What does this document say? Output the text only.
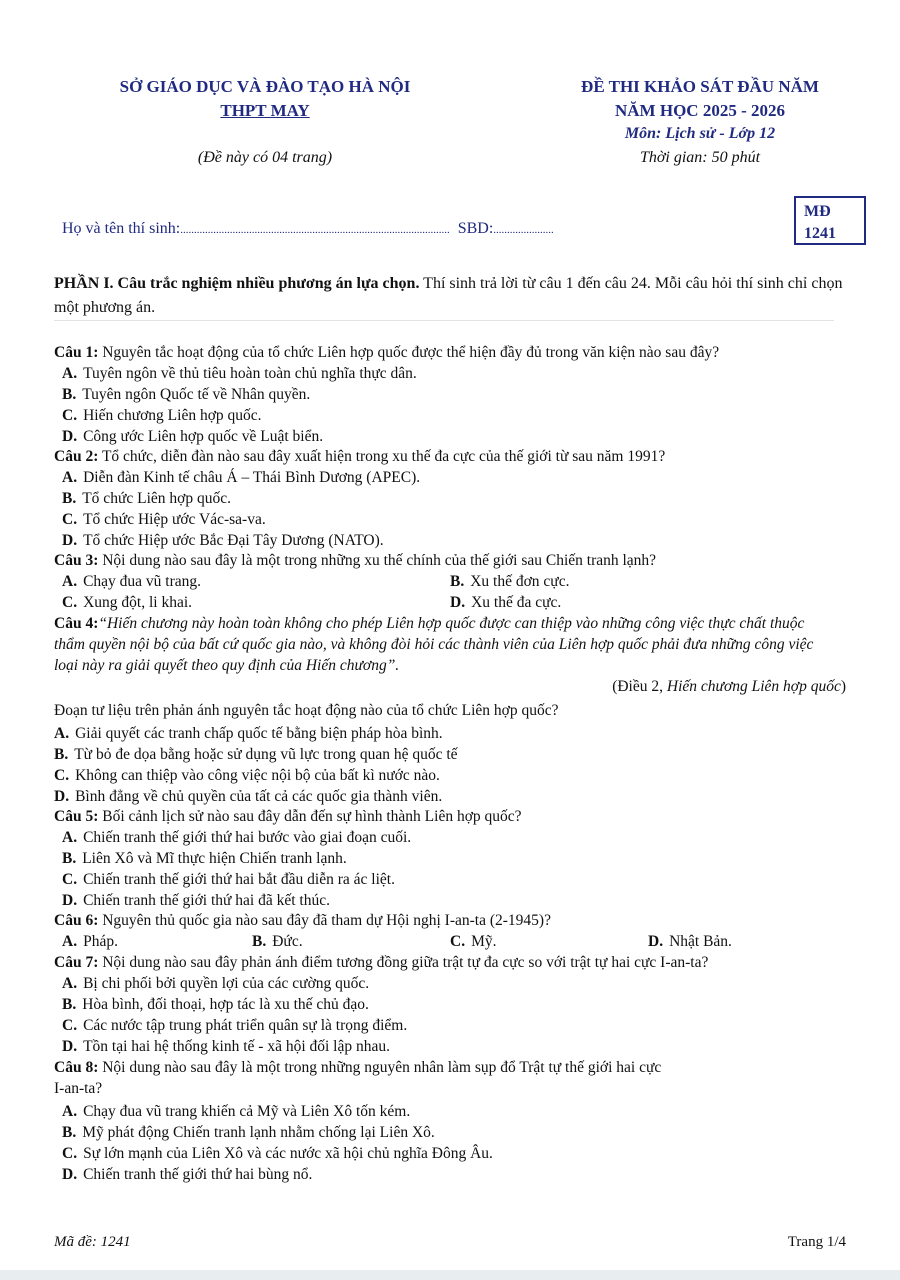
SỞ GIÁO DỤC VÀ ĐÀO TẠO HÀ NỘI
THPT MAY
(Đề này có 04 trang)
ĐỀ THI KHẢO SÁT ĐẦU NĂM
NĂM HỌC 2025 - 2026
Môn: Lịch sử - Lớp 12
Thời gian: 50 phút
MĐ
1241
Họ và tên thí sinh:.................................................................................................. SBD:......................
PHẦN I. Câu trắc nghiệm nhiều phương án lựa chọn. Thí sinh trả lời từ câu 1 đến câu 24. Mỗi câu hỏi thí sinh chỉ chọn một phương án.
Câu 1: Nguyên tắc hoạt động của tổ chức Liên hợp quốc được thể hiện đầy đủ trong văn kiện nào sau đây?
A. Tuyên ngôn về thủ tiêu hoàn toàn chủ nghĩa thực dân.
B. Tuyên ngôn Quốc tế về Nhân quyền.
C. Hiến chương Liên hợp quốc.
D. Công ước Liên hợp quốc về Luật biển.
Câu 2: Tổ chức, diễn đàn nào sau đây xuất hiện trong xu thế đa cực của thế giới từ sau năm 1991?
A. Diễn đàn Kinh tế châu Á – Thái Bình Dương (APEC).
B. Tổ chức Liên hợp quốc.
C. Tổ chức Hiệp ước Vác-sa-va.
D. Tổ chức Hiệp ước Bắc Đại Tây Dương (NATO).
Câu 3: Nội dung nào sau đây là một trong những xu thế chính của thế giới sau Chiến tranh lạnh?
A. Chạy đua vũ trang.	B. Xu thế đơn cực.
C. Xung đột, li khai.	D. Xu thế đa cực.
Câu 4:“Hiến chương này hoàn toàn không cho phép Liên hợp quốc được can thiệp vào những công việc thực chất thuộc thẩm quyền nội bộ của bất cứ quốc gia nào, và không đòi hỏi các thành viên của Liên hợp quốc phải đưa những công việc loại này ra giải quyết theo quy định của Hiến chương”.
(Điều 2, Hiến chương Liên hợp quốc)
Đoạn tư liệu trên phản ánh nguyên tắc hoạt động nào của tổ chức Liên hợp quốc?
A. Giải quyết các tranh chấp quốc tế bằng biện pháp hòa bình.
B. Từ bỏ đe dọa bằng hoặc sử dụng vũ lực trong quan hệ quốc tế
C. Không can thiệp vào công việc nội bộ của bất kì nước nào.
D. Bình đẳng về chủ quyền của tất cả các quốc gia thành viên.
Câu 5: Bối cảnh lịch sử nào sau đây dẫn đến sự hình thành Liên hợp quốc?
A. Chiến tranh thế giới thứ hai bước vào giai đoạn cuối.
B. Liên Xô và Mĩ thực hiện Chiến tranh lạnh.
C. Chiến tranh thế giới thứ hai bắt đầu diễn ra ác liệt.
D. Chiến tranh thế giới thứ hai đã kết thúc.
Câu 6: Nguyên thủ quốc gia nào sau đây đã tham dự Hội nghị I-an-ta (2-1945)?
A. Pháp.	B. Đức.	C. Mỹ.	D. Nhật Bản.
Câu 7: Nội dung nào sau đây phản ánh điểm tương đồng giữa trật tự đa cực so với trật tự hai cực I-an-ta?
A. Bị chi phối bởi quyền lợi của các cường quốc.
B. Hòa bình, đối thoại, hợp tác là xu thế chủ đạo.
C. Các nước tập trung phát triển quân sự là trọng điểm.
D. Tồn tại hai hệ thống kinh tế - xã hội đối lập nhau.
Câu 8: Nội dung nào sau đây là một trong những nguyên nhân làm sụp đổ Trật tự thế giới hai cực
I-an-ta?
A. Chạy đua vũ trang khiến cả Mỹ và Liên Xô tốn kém.
B. Mỹ phát động Chiến tranh lạnh nhằm chống lại Liên Xô.
C. Sự lớn mạnh của Liên Xô và các nước xã hội chủ nghĩa Đông Âu.
D. Chiến tranh thế giới thứ hai bùng nổ.
Mã đề: 1241	Trang 1/4
